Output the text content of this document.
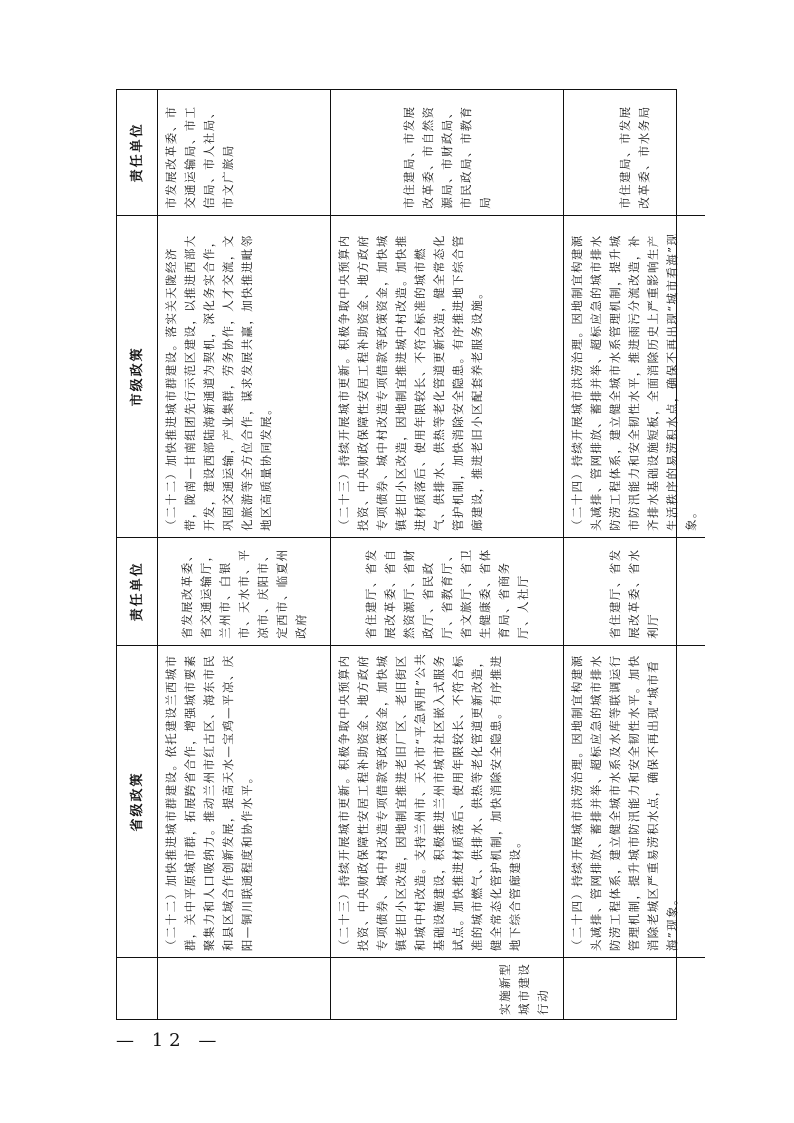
省级政策
责任单位
市级政策
责任单位
（二十二）加快推进城市群建设。依托建设兰西城市群，关中平原城市群，拓展跨省合作，增强城市要素聚集力和人口吸纳力。推动兰州市红古区、海东市民和县区域合作创新发展，提高天水—宝鸡—平凉、庆阳—铜川联通程度和协作水平。
省发展改革委、省交通运输厅，兰州市、白银市、天水市、平凉市、庆阳市、定西市、临夏州政府
（二十二）加快推进城市群建设。落实关天陇经济带，陇南—甘南组团先行示范区建设，以推进西部大开发，建设西部陆海新通道为契机，深化务实合作，巩固交通运输，产业集群，劳务协作，人才交流，文化旅游等全方位合作，谋求发展共赢，加快推进毗邻地区高质量协同发展。
市发展改革委、市交通运输局、市工信局、市人社局、市文广旅局
实施新型城市建设行动
（二十三）持续开展城市更新。积极争取中央预算内投资、中央财政保障性安居工程补助资金、地方政府专项债券、城中村改造专项借款等政策资金，加快城镇老旧小区改造，因地制宜推进老旧厂区、老旧街区和城中村改造。支持兰州市、天水市“平急两用”公共基础设施建设，积极推进兰州市城市社区嵌入式服务试点。加快推进材质落后、使用年限较长、不符合标准的城市燃气、供排水、供热等老化管道更新改造，健全常态化管护机制，加快消除安全隐患。有序推进地下综合管廊建设。
省住建厅、省发展改革委、省自然资源厅、省财政厅、省民政厅、省教育厅、省文旅厅、省卫生健康委、省体育局、省商务厅、人社厅
（二十三）持续开展城市更新。积极争取中央预算内投资、中央财政保障性安居工程补助资金、地方政府专项债券、城中村改造专项借款等政策资金，加快城镇老旧小区改造，因地制宜推进城中村改造。加快推进材质落后、使用年限较长、不符合标准的城市燃气、供排水、供热等老化管道更新改造，健全常态化管护机制，加快消除安全隐患。有序推进地下综合管廊建设，推进老旧小区配套养老服务设施。
市住建局、市发展改革委、市自然资源局、市财政局、市民政局、市教育局
（二十四）持续开展城市洪涝治理。因地制宜构建源头减排、管网排放、蓄排并举、超标应急的城市排水防涝工程体系，建立健全城市水系及水库等联调运行管理机制，提升城市防汛能力和安全韧性水平。加快消除老城区严重易涝积水点，确保不再出现“城市看海”现象。
省住建厅、省发展改革委、省水利厅
（二十四）持续开展城市洪涝治理。因地制宜构建源头减排、管网排放、蓄排并举、超标应急的城市排水防涝工程体系，建立健全城市水系管理机制，提升城市防汛能力和安全韧性水平，推进雨污分流改造，补齐排水基础设施短板，全面消除历史上严重影响生产生活秩序的易涝积水点，确保不再出现“城市看海”现象。
市住建局、市发展改革委、市水务局
— 12 —
